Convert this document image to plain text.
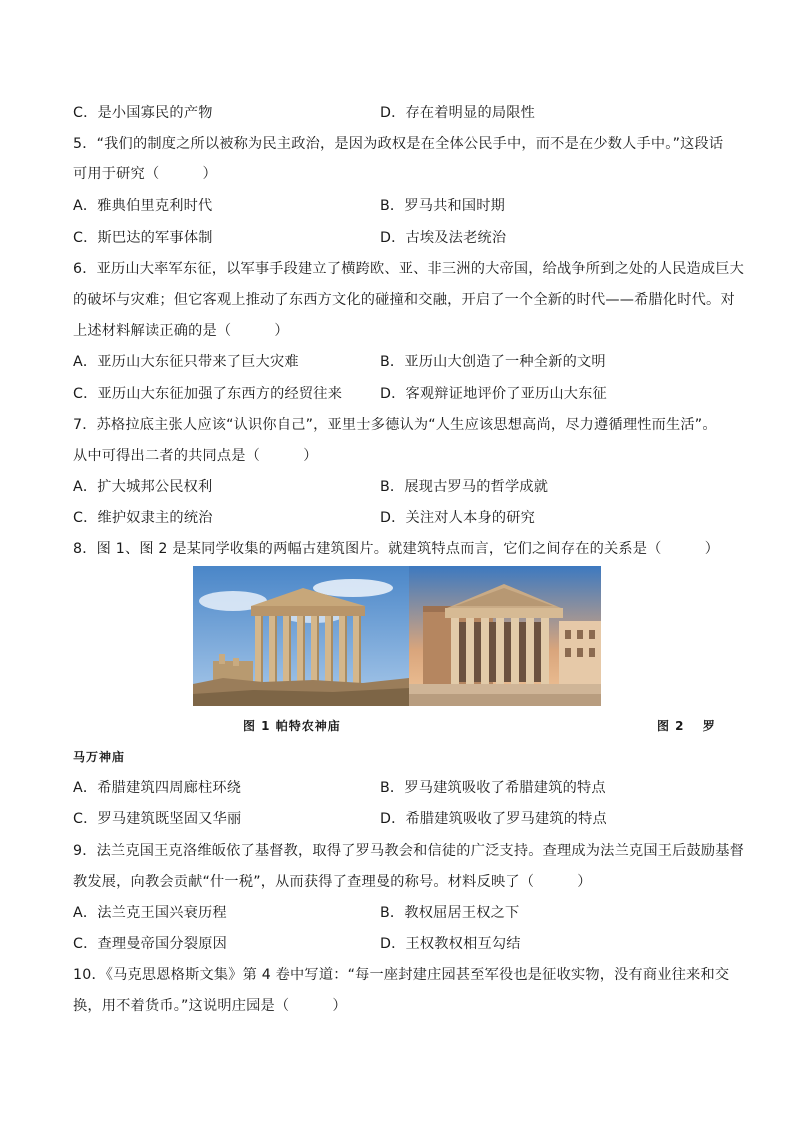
C．是小国寡民的产物	D．存在着明显的局限性
5．“我们的制度之所以被称为民主政治，是因为政权是在全体公民手中，而不是在少数人手中。”这段话
可用于研究（　　　）
A．雅典伯里克利时代	B．罗马共和国时期
C．斯巴达的军事体制	D．古埃及法老统治
6．亚历山大率军东征，以军事手段建立了横跨欧、亚、非三洲的大帝国，给战争所到之处的人民造成巨大
的破坏与灾难；但它客观上推动了东西方文化的碰撞和交融，开启了一个全新的时代——希腊化时代。对
上述材料解读正确的是（　　　）
A．亚历山大东征只带来了巨大灾难	B．亚历山大创造了一种全新的文明
C．亚历山大东征加强了东西方的经贸往来	D．客观辩证地评价了亚历山大东征
7．苏格拉底主张人应该“认识你自己”，亚里士多德认为“人生应该思想高尚，尽力遵循理性而生活”。
从中可得出二者的共同点是（　　　）
A．扩大城邦公民权利	B．展现古罗马的哲学成就
C．维护奴隶主的统治	D．关注对人本身的研究
8．图 1、图 2 是某同学收集的两幅古建筑图片。就建筑特点而言，它们之间存在的关系是（　　　）
图 1 帕特农神庙	图 2　 罗
马万神庙
A．希腊建筑四周廊柱环绕	B．罗马建筑吸收了希腊建筑的特点
C．罗马建筑既坚固又华丽	D．希腊建筑吸收了罗马建筑的特点
9．法兰克国王克洛维皈依了基督教，取得了罗马教会和信徒的广泛支持。查理成为法兰克国王后鼓励基督
教发展，向教会贡献“什一税”，从而获得了查理曼的称号。材料反映了（　　　）
A．法兰克王国兴衰历程	B．教权屈居王权之下
C．查理曼帝国分裂原因	D．王权教权相互勾结
10．《马克思恩格斯文集》第 4 卷中写道：“每一座封建庄园甚至军役也是征收实物，没有商业往来和交
换，用不着货币。”这说明庄园是（　　　）
